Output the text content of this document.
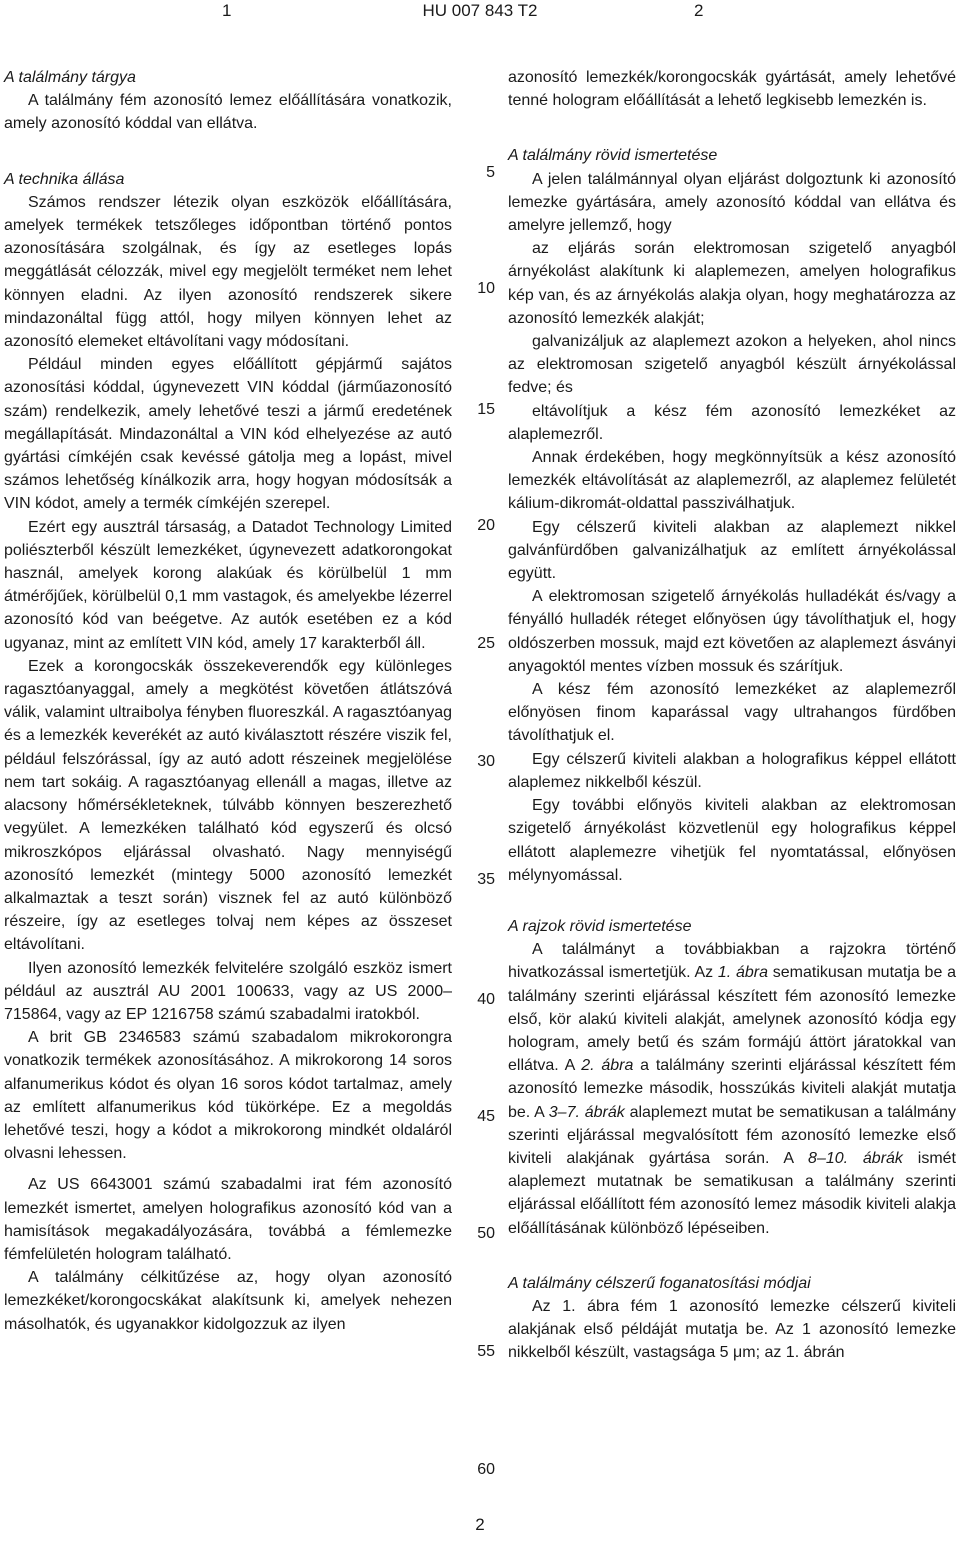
1	HU 007 843 T2	2
A találmány tárgya

A találmány fém azonosító lemez előállítására vonatkozik, amely azonosító kóddal van ellátva.

A technika állása

Számos rendszer létezik olyan eszközök előállítására, amelyek termékek tetszőleges időpontban történő pontos azonosítására szolgálnak, és így az esetleges lopás meggátlását célozzák, mivel egy megjelölt terméket nem lehet könnyen eladni. Az ilyen azonosító rendszerek sikere mindazonáltal függ attól, hogy milyen könnyen lehet az azonosító elemeket eltávolítani vagy módosítani.

Például minden egyes előállított gépjármű sajátos azonosítási kóddal, úgynevezett VIN kóddal (járműazonosító szám) rendelkezik, amely lehetővé teszi a jármű eredetének megállapítását. Mindazonáltal a VIN kód elhelyezése az autó gyártási címkéjén csak kevéssé gátolja meg a lopást, mivel számos lehetőség kínálkozik arra, hogy hogyan módosítsák a VIN kódot, amely a termék címkéjén szerepel.

Ezért egy ausztrál társaság, a Datadot Technology Limited poliészterből készült lemezkéket, úgynevezett adatkorongokat használ, amelyek korong alakúak és körülbelül 1 mm átmérőjűek, körülbelül 0,1 mm vastagok, és amelyekbe lézerrel azonosító kód van beégetve. Az autók esetében ez a kód ugyanaz, mint az említett VIN kód, amely 17 karakterből áll.

Ezek a korongocskák összekeverendők egy különleges ragasztóanyaggal, amely a megkötést követően átlátszóvá válik, valamint ultraibolya fényben fluoreszkál. A ragasztóanyag és a lemezkék keverékét az autó kiválasztott részére viszik fel, például felszórással, így az autó adott részeinek megjelölése nem tart sokáig. A ragasztóanyag ellenáll a magas, illetve az alacsony hőmérsékleteknek, túlvább könnyen beszerezhető vegyület. A lemezkéken található kód egyszerű és olcsó mikroszkópos eljárással olvasható. Nagy mennyiségű azonosító lemezkét (mintegy 5000 azonosító lemezkét alkalmaztak a teszt során) visznek fel az autó különböző részeire, így az esetleges tolvaj nem képes az összeset eltávolítani.

Ilyen azonosító lemezkék felvitelére szolgáló eszköz ismert például az ausztrál AU 2001 100633, vagy az US 2000–715864, vagy az EP 1216758 számú szabadalmi iratokból.

A brit GB 2346583 számú szabadalom mikrokorongra vonatkozik termékek azonosításához. A mikrokorong 14 soros alfanumerikus kódot és olyan 16 soros kódot tartalmaz, amely az említett alfanumerikus kód tükörképe. Ez a megoldás lehetővé teszi, hogy a kódot a mikrokorong mindkét oldaláról olvasni lehessen.

Az US 6643001 számú szabadalmi irat fém azonosító lemezkét ismertet, amelyen holografikus azonosító kód van a hamisítások megakadályozására, továbbá a fémlemezke fémfelületén hologram található.

A találmány célkitűzése az, hogy olyan azonosító lemezkéket/korongocskákat alakítsunk ki, amelyek nehezen másolhatók, és ugyanakkor kidolgozzuk az ilyen

azonosító lemezkék/korongocskák gyártását, amely lehetővé tenné hologram előállítását a lehető legkisebb lemezkén is.

A találmány rövid ismertetése

A jelen találmánnyal olyan eljárást dolgoztunk ki azonosító lemezke gyártására, amely azonosító kóddal van ellátva és amelyre jellemző, hogy

az eljárás során elektromosan szigetelő anyagból árnyékolást alakítunk ki alaplemezen, amelyen holografikus kép van, és az árnyékolás alakja olyan, hogy meghatározza az azonosító lemezkék alakját;

galvanizáljuk az alaplemezt azokon a helyeken, ahol nincs az elektromosan szigetelő anyagból készült árnyékolással fedve; és

eltávolítjuk a kész fém azonosító lemezkéket az alaplemezről.

Annak érdekében, hogy megkönnyítsük a kész azonosító lemezkék eltávolítását az alaplemezről, az alaplemez felületét kálium-dikromát-oldattal passziválhatjuk.

Egy célszerű kiviteli alakban az alaplemezt nikkel galvánfürdőben galvanizálhatjuk az említett árnyékolással együtt.

A elektromosan szigetelő árnyékolás hulladékát és/vagy a fényálló hulladék réteget előnyösen úgy távolíthatjuk el, hogy oldószerben mossuk, majd ezt követően az alaplemezt ásványi anyagoktól mentes vízben mossuk és szárítjuk.

A kész fém azonosító lemezkéket az alaplemezről előnyösen finom kaparással vagy ultrahangos fürdőben távolíthatjuk el.

Egy célszerű kiviteli alakban a holografikus képpel ellátott alaplemez nikkelből készül.

Egy további előnyös kiviteli alakban az elektromosan szigetelő árnyékolást közvetlenül egy holografikus képpel ellátott alaplemezre vihetjük fel nyomtatással, előnyösen mélynyomással.

A rajzok rövid ismertetése

A találmányt a továbbiakban a rajzokra történő hivatkozással ismertetjük. Az 1. ábra sematikusan mutatja be a találmány szerinti eljárással készített fém azonosító lemezke első, kör alakú kiviteli alakját, amelynek azonosító kódja egy hologram, amely betű és szám formájú áttört járatokkal van ellátva. A 2. ábra a találmány szerinti eljárással készített fém azonosító lemezke második, hosszúkás kiviteli alakját mutatja be. A 3–7. ábrák alaplemezt mutat be sematikusan a találmány szerinti eljárással megvalósított fém azonosító lemezke első kiviteli alakjának gyártása során. A 8–10. ábrák ismét alaplemezt mutatnak be sematikusan a találmány szerinti eljárással előállított fém azonosító lemez második kiviteli alakja előállításának különböző lépéseiben.

A találmány célszerű foganatosítási módjai

Az 1. ábra fém 1 azonosító lemezke célszerű kiviteli alakjának első példáját mutatja be. Az 1 azonosító lemezke nikkelből készült, vastagsága 5 μm; az 1. ábrán

5
10
15
20
25
30
35
40
45
50
55
60
2
